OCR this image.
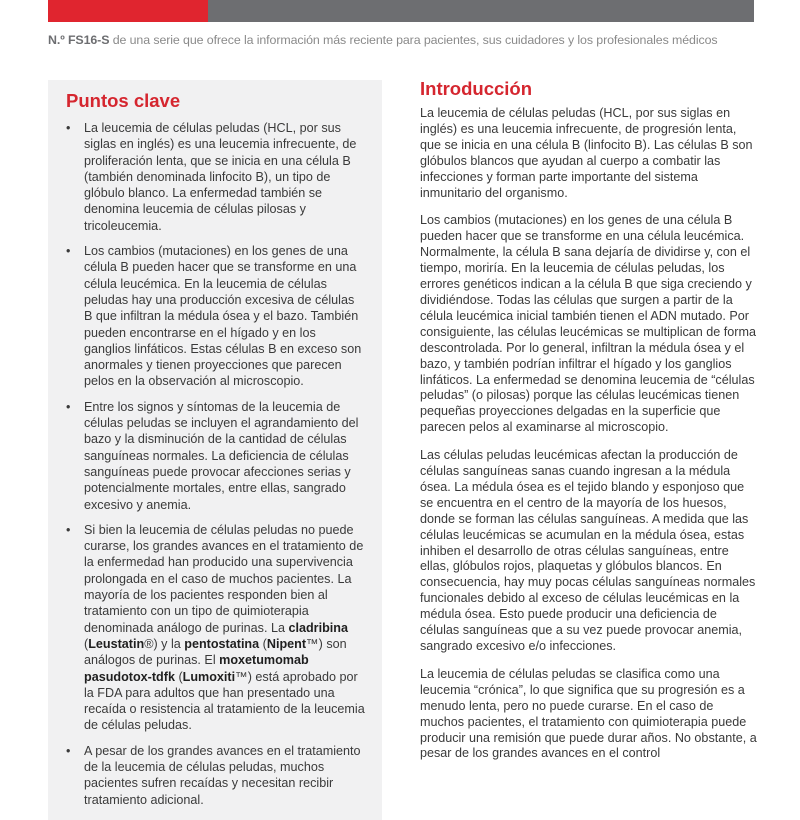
N.º FS16-S de una serie que ofrece la información más reciente para pacientes, sus cuidadores y los profesionales médicos
Puntos clave
• La leucemia de células peludas (HCL, por sus siglas en inglés) es una leucemia infrecuente, de proliferación lenta, que se inicia en una célula B (también denominada linfocito B), un tipo de glóbulo blanco. La enfermedad también se denomina leucemia de células pilosas y tricoleucemia.
• Los cambios (mutaciones) en los genes de una célula B pueden hacer que se transforme en una célula leucémica. En la leucemia de células peludas hay una producción excesiva de células B que infiltran la médula ósea y el bazo. También pueden encontrarse en el hígado y en los ganglios linfáticos. Estas células B en exceso son anormales y tienen proyecciones que parecen pelos en la observación al microscopio.
• Entre los signos y síntomas de la leucemia de células peludas se incluyen el agrandamiento del bazo y la disminución de la cantidad de células sanguíneas normales. La deficiencia de células sanguíneas puede provocar afecciones serias y potencialmente mortales, entre ellas, sangrado excesivo y anemia.
• Si bien la leucemia de células peludas no puede curarse, los grandes avances en el tratamiento de la enfermedad han producido una supervivencia prolongada en el caso de muchos pacientes. La mayoría de los pacientes responden bien al tratamiento con un tipo de quimioterapia denominada análogo de purinas. La cladribina (Leustatin®) y la pentostatina (Nipent™) son análogos de purinas. El moxetumomab pasudotox-tdfk (Lumoxiti™) está aprobado por la FDA para adultos que han presentado una recaída o resistencia al tratamiento de la leucemia de células peludas.
• A pesar de los grandes avances en el tratamiento de la leucemia de células peludas, muchos pacientes sufren recaídas y necesitan recibir tratamiento adicional.
Introducción

La leucemia de células peludas (HCL, por sus siglas en inglés) es una leucemia infrecuente, de progresión lenta, que se inicia en una célula B (linfocito B). Las células B son glóbulos blancos que ayudan al cuerpo a combatir las infecciones y forman parte importante del sistema inmunitario del organismo.

Los cambios (mutaciones) en los genes de una célula B pueden hacer que se transforme en una célula leucémica. Normalmente, la célula B sana dejaría de dividirse y, con el tiempo, moriría. En la leucemia de células peludas, los errores genéticos indican a la célula B que siga creciendo y dividiéndose. Todas las células que surgen a partir de la célula leucémica inicial también tienen el ADN mutado. Por consiguiente, las células leucémicas se multiplican de forma descontrolada. Por lo general, infiltran la médula ósea y el bazo, y también podrían infiltrar el hígado y los ganglios linfáticos. La enfermedad se denomina leucemia de “células peludas” (o pilosas) porque las células leucémicas tienen pequeñas proyecciones delgadas en la superficie que parecen pelos al examinarse al microscopio.

Las células peludas leucémicas afectan la producción de células sanguíneas sanas cuando ingresan a la médula ósea. La médula ósea es el tejido blando y esponjoso que se encuentra en el centro de la mayoría de los huesos, donde se forman las células sanguíneas. A medida que las células leucémicas se acumulan en la médula ósea, estas inhiben el desarrollo de otras células sanguíneas, entre ellas, glóbulos rojos, plaquetas y glóbulos blancos. En consecuencia, hay muy pocas células sanguíneas normales funcionales debido al exceso de células leucémicas en la médula ósea. Esto puede producir una deficiencia de células sanguíneas que a su vez puede provocar anemia, sangrado excesivo e/o infecciones.

La leucemia de células peludas se clasifica como una leucemia “crónica”, lo que significa que su progresión es a menudo lenta, pero no puede curarse. En el caso de muchos pacientes, el tratamiento con quimioterapia puede producir una remisión que puede durar años. No obstante, a pesar de los grandes avances en el control
